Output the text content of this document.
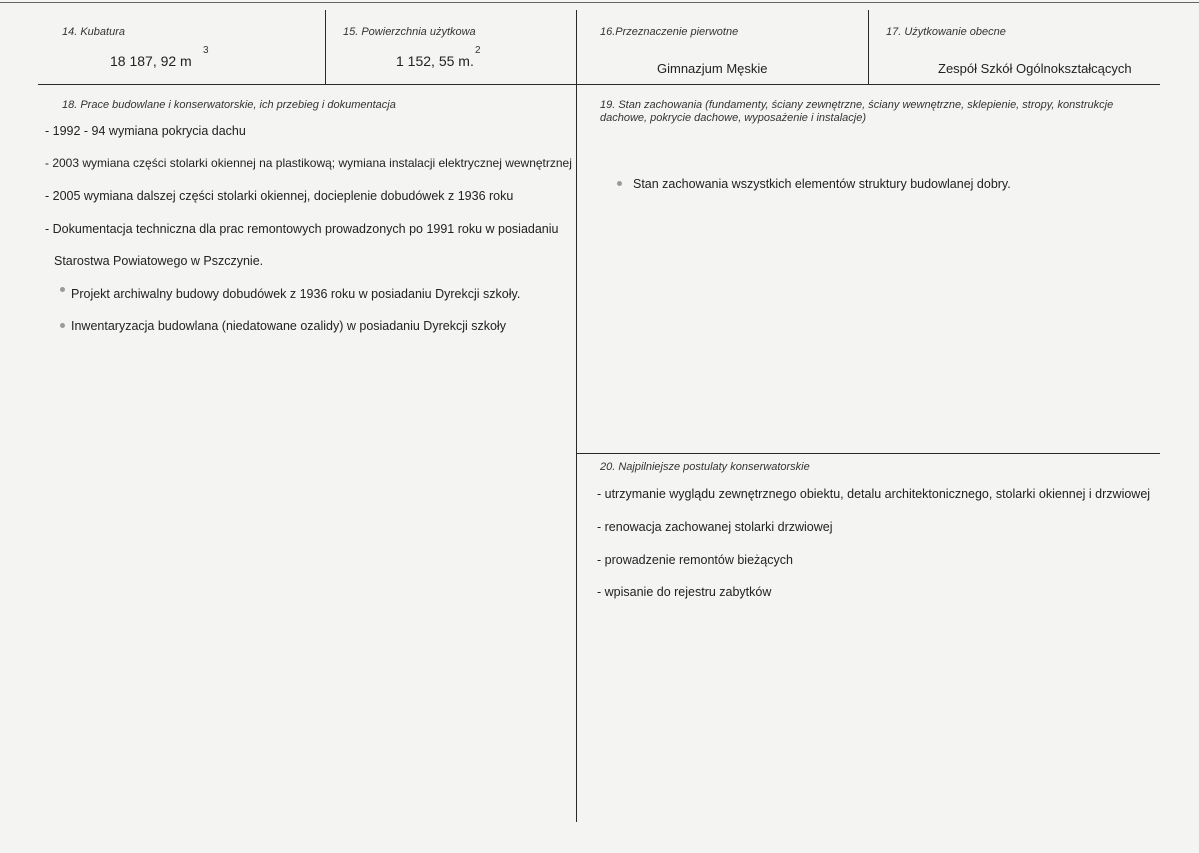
14. Kubatura
3
18 187, 92 m
15. Powierzchnia użytkowa
2
1 152, 55 m.
16.Przeznaczenie pierwotne
Gimnazjum Męskie
17. Użytkowanie obecne
Zespół Szkół Ogólnokształcących
18. Prace budowlane i konserwatorskie, ich przebieg i dokumentacja
- 1992 - 94 wymiana pokrycia dachu
- 2003 wymiana części stolarki okiennej na plastikową; wymiana instalacji elektrycznej wewnętrznej
- 2005 wymiana dalszej części stolarki okiennej, docieplenie dobudówek z 1936 roku
- Dokumentacja techniczna dla prac remontowych prowadzonych po 1991 roku w posiadaniu
Starostwa Powiatowego w Pszczynie.
Projekt archiwalny budowy dobudówek z 1936 roku w posiadaniu Dyrekcji szkoły.
Inwentaryzacja budowlana (niedatowane ozalidy) w posiadaniu Dyrekcji szkoły
19. Stan zachowania (fundamenty, ściany zewnętrzne, ściany wewnętrzne, sklepienie, stropy, konstrukcje dachowe, pokrycie dachowe, wyposażenie i instalacje)
Stan zachowania wszystkich elementów struktury budowlanej dobry.
20. Najpilniejsze postulaty konserwatorskie
- utrzymanie wyglądu zewnętrznego obiektu, detalu architektonicznego, stolarki okiennej i drzwiowej
- renowacja zachowanej stolarki drzwiowej
- prowadzenie remontów bieżących
- wpisanie do rejestru zabytków
